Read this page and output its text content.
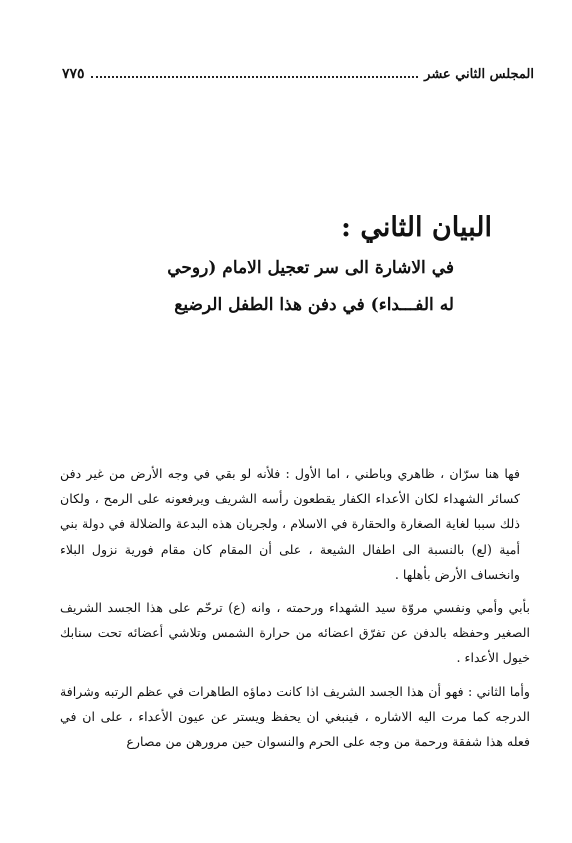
المجلس الثاني عشر
٧٧٥
البيان الثاني :
في الاشارة الى سر تعجيل الامام (روحي
له الفـــداء) في دفن هذا الطفل الرضيع

فها هنا سرّان ، ظاهري وباطني ، اما الأول : فلأنه لو بقي في وجه الأرض من غير دفن كسائر الشهداء لكان الأعداء الكفار يقطعون رأسه الشريف ويرفعونه على الرمح ، ولكان ذلك سببا لغاية الصغارة والحقارة في الاسلام ، ولجريان هذه البدعة والضلالة في دولة بني أمية (لع) بالنسبة الى اطفال الشيعة ، على أن المقام كان مقام فورية نزول البلاء وانخساف الأرض بأهلها .

بأبي وأمي ونفسي مروّة سيد الشهداء ورحمته ، وانه (ع) ترحّم على هذا الجسد الشريف الصغير وحفظه بالدفن عن تفرّق اعضائه من حرارة الشمس وتلاشي أعضائه تحت سنابك خيول الأعداء .

وأما الثاني : فهو أن هذا الجسد الشريف اذا كانت دماؤه الطاهرات في عظم الرتبه وشرافة الدرجه كما مرت اليه الاشاره ، فينبغي ان يحفظ ويستر عن عيون الأعداء ، على ان في فعله هذا شفقة ورحمة من وجه على الحرم والنسوان حين مرورهن من مصارع
